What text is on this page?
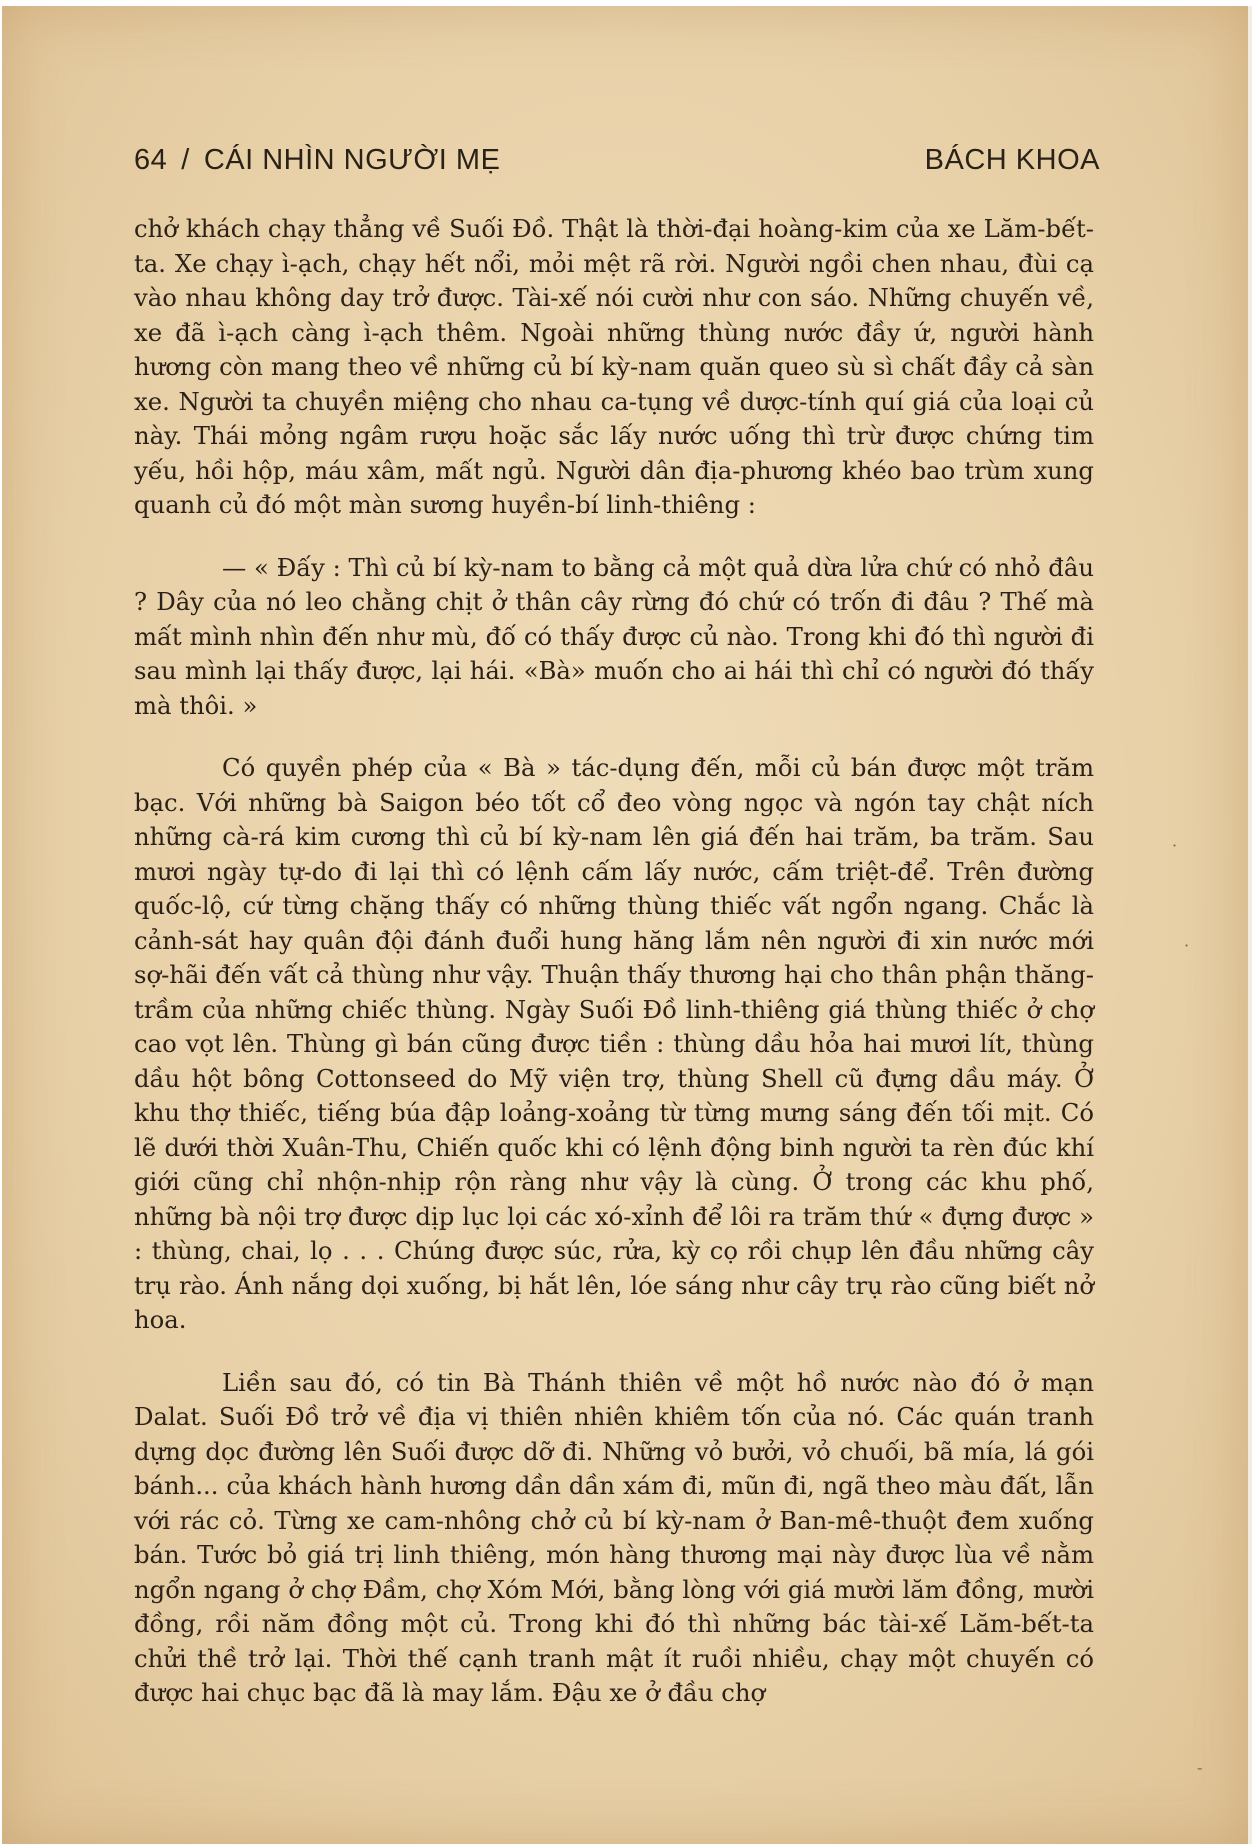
64 / CÁI NHÌN NGƯỜI MẸ	BÁCH KHOA

chở khách chạy thẳng về Suối Đồ. Thật là thời-đại hoàng-kim của xe Lăm-bết-ta. Xe chạy ì-ạch, chạy hết nổi, mỏi mệt rã rời. Người ngồi chen nhau, đùi cạ vào nhau không day trở được. Tài-xế nói cười như con sáo. Những chuyến về, xe đã ì-ạch càng ì-ạch thêm. Ngoài những thùng nước đầy ứ, người hành hương còn mang theo về những củ bí kỳ-nam quăn queo sù sì chất đầy cả sàn xe. Người ta chuyền miệng cho nhau ca-tụng về dược-tính quí giá của loại củ này. Thái mỏng ngâm rượu hoặc sắc lấy nước uống thì trừ được chứng tim yếu, hồi hộp, máu xâm, mất ngủ. Người dân địa-phương khéo bao trùm xung quanh củ đó một màn sương huyền-bí linh-thiêng :

— « Đấy : Thì củ bí kỳ-nam to bằng cả một quả dừa lửa chứ có nhỏ đâu ? Dây của nó leo chằng chịt ở thân cây rừng đó chứ có trốn đi đâu ? Thế mà mất mình nhìn đến như mù, đố có thấy được củ nào. Trong khi đó thì người đi sau mình lại thấy được, lại hái. «Bà» muốn cho ai hái thì chỉ có người đó thấy mà thôi. »

Có quyền phép của « Bà » tác-dụng đến, mỗi củ bán được một trăm bạc. Với những bà Saigon béo tốt cổ đeo vòng ngọc và ngón tay chật ních những cà-rá kim cương thì củ bí kỳ-nam lên giá đến hai trăm, ba trăm. Sau mươi ngày tự-do đi lại thì có lệnh cấm lấy nước, cấm triệt-để. Trên đường quốc-lộ, cứ từng chặng thấy có những thùng thiếc vất ngổn ngang. Chắc là cảnh-sát hay quân đội đánh đuổi hung hăng lắm nên người đi xin nước mới sợ-hãi đến vất cả thùng như vậy. Thuận thấy thương hại cho thân phận thăng-trầm của những chiếc thùng. Ngày Suối Đồ linh-thiêng giá thùng thiếc ở chợ cao vọt lên. Thùng gì bán cũng được tiền : thùng dầu hỏa hai mươi lít, thùng dầu hột bông Cottonseed do Mỹ viện trợ, thùng Shell cũ đựng dầu máy. Ở khu thợ thiếc, tiếng búa đập loảng-xoảng từ từng mưng sáng đến tối mịt. Có lẽ dưới thời Xuân-Thu, Chiến quốc khi có lệnh động binh người ta rèn đúc khí giới cũng chỉ nhộn-nhịp rộn ràng như vậy là cùng. Ở trong các khu phố, những bà nội trợ được dịp lục lọi các xó-xỉnh để lôi ra trăm thứ « đựng được » : thùng, chai, lọ . . . Chúng được súc, rửa, kỳ cọ rồi chụp lên đầu những cây trụ rào. Ánh nắng dọi xuống, bị hắt lên, lóe sáng như cây trụ rào cũng biết nở hoa.

Liền sau đó, có tin Bà Thánh thiên về một hồ nước nào đó ở mạn Dalat. Suối Đồ trở về địa vị thiên nhiên khiêm tốn của nó. Các quán tranh dựng dọc đường lên Suối được dỡ đi. Những vỏ bưởi, vỏ chuối, bã mía, lá gói bánh... của khách hành hương dần dần xám đi, mũn đi, ngã theo màu đất, lẫn với rác cỏ. Từng xe cam-nhông chở củ bí kỳ-nam ở Ban-mê-thuột đem xuống bán. Tước bỏ giá trị linh thiêng, món hàng thương mại này được lùa về nằm ngổn ngang ở chợ Đầm, chợ Xóm Mới, bằng lòng với giá mười lăm đồng, mười đồng, rồi năm đồng một củ. Trong khi đó thì những bác tài-xế Lăm-bết-ta chửi thề trở lại. Thời thế cạnh tranh mật ít ruồi nhiều, chạy một chuyến có được hai chục bạc đã là may lắm. Đậu xe ở đầu chợ

·
·
-
